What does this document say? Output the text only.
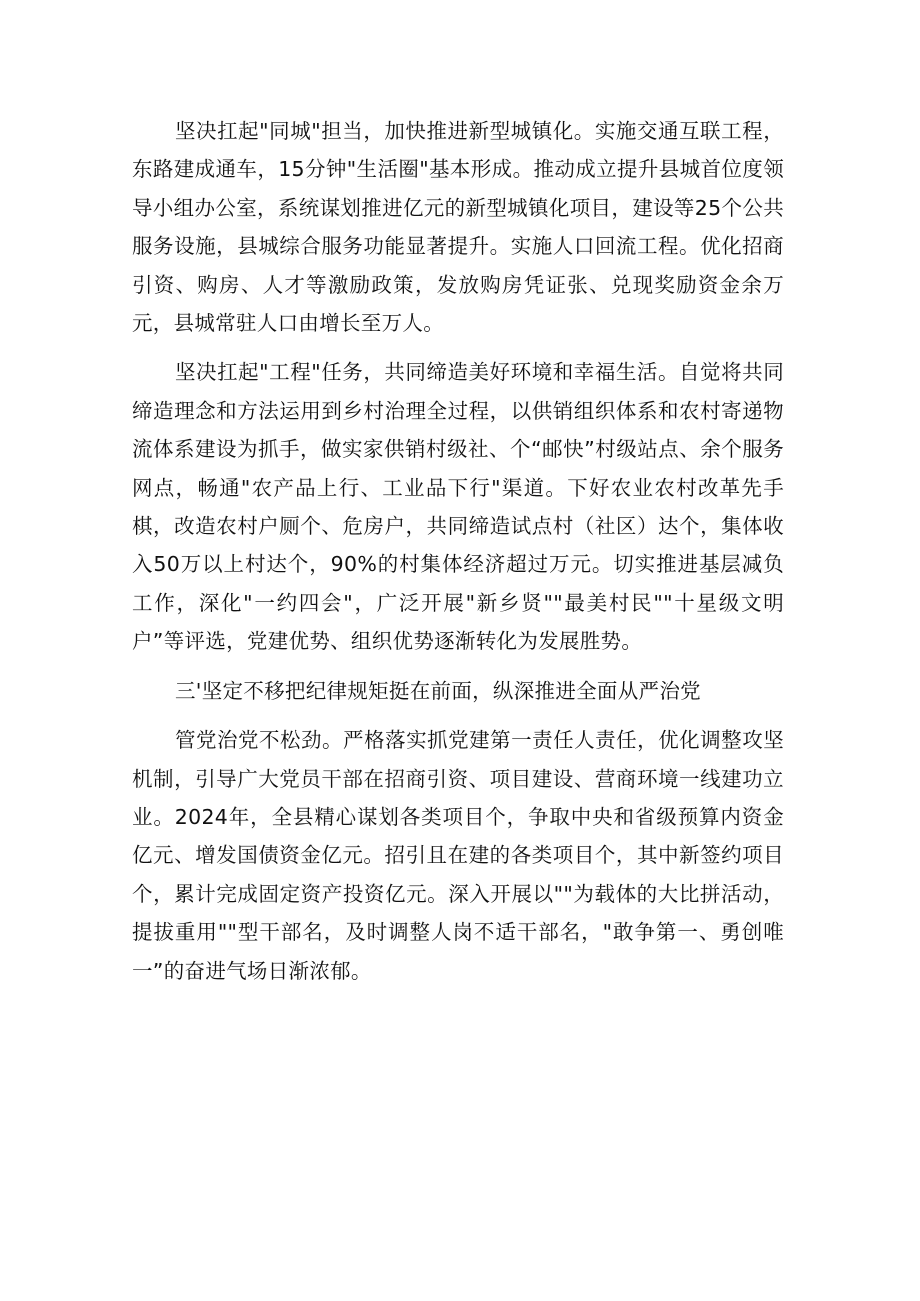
坚决扛起"同城"担当，加快推进新型城镇化。实施交通互联工程，东路建成通车，15分钟"生活圈"基本形成。推动成立提升县城首位度领导小组办公室，系统谋划推进亿元的新型城镇化项目，建设等25个公共服务设施，县城综合服务功能显著提升。实施人口回流工程。优化招商引资、购房、人才等激励政策，发放购房凭证张、兑现奖励资金余万元，县城常驻人口由增长至万人。

坚决扛起"工程"任务，共同缔造美好环境和幸福生活。自觉将共同缔造理念和方法运用到乡村治理全过程，以供销组织体系和农村寄递物流体系建设为抓手，做实家供销村级社、个“邮快”村级站点、余个服务网点，畅通"农产品上行、工业品下行"渠道。下好农业农村改革先手棋，改造农村户厕个、危房户，共同缔造试点村（社区）达个，集体收入50万以上村达个，90%的村集体经济超过万元。切实推进基层减负工作，深化"一约四会"，广泛开展"新乡贤""最美村民""十星级文明户”等评选，党建优势、组织优势逐渐转化为发展胜势。

三'坚定不移把纪律规矩挺在前面，纵深推进全面从严治党

管党治党不松劲。严格落实抓党建第一责任人责任，优化调整攻坚机制，引导广大党员干部在招商引资、项目建设、营商环境一线建功立业。2024年，全县精心谋划各类项目个，争取中央和省级预算内资金亿元、增发国债资金亿元。招引且在建的各类项目个，其中新签约项目个，累计完成固定资产投资亿元。深入开展以""为载体的大比拼活动，提拔重用""型干部名，及时调整人岗不适干部名，"敢争第一、勇创唯一”的奋进气场日渐浓郁。
